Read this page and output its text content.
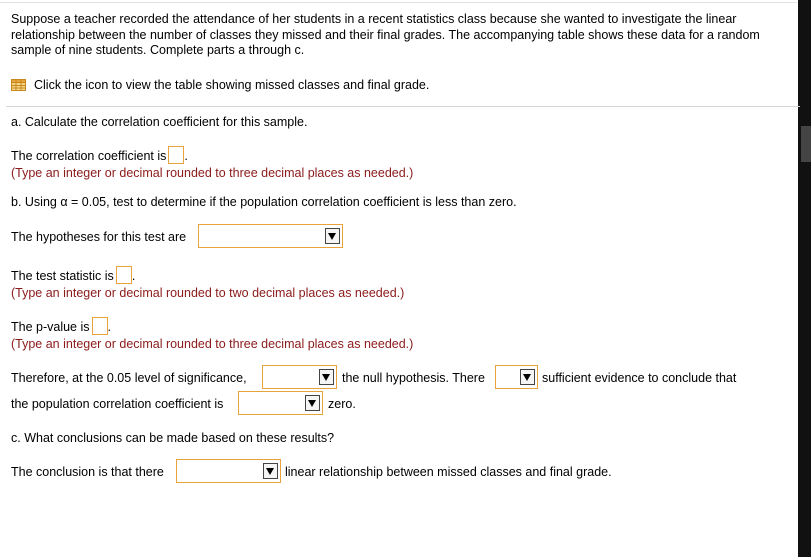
Suppose a teacher recorded the attendance of her students in a recent statistics class because she wanted to investigate the linear relationship between the number of classes they missed and their final grades. The accompanying table shows these data for a random sample of nine students. Complete parts a through c.
Click the icon to view the table showing missed classes and final grade.
a. Calculate the correlation coefficient for this sample.
The correlation coefficient is .
(Type an integer or decimal rounded to three decimal places as needed.)
b. Using α = 0.05, test to determine if the population correlation coefficient is less than zero.
The hypotheses for this test are
The test statistic is .
(Type an integer or decimal rounded to two decimal places as needed.)
The p-value is .
(Type an integer or decimal rounded to three decimal places as needed.)
Therefore, at the 0.05 level of significance,	the null hypothesis. There	sufficient evidence to conclude that
the population correlation coefficient is	zero.
c. What conclusions can be made based on these results?
The conclusion is that there	linear relationship between missed classes and final grade.
